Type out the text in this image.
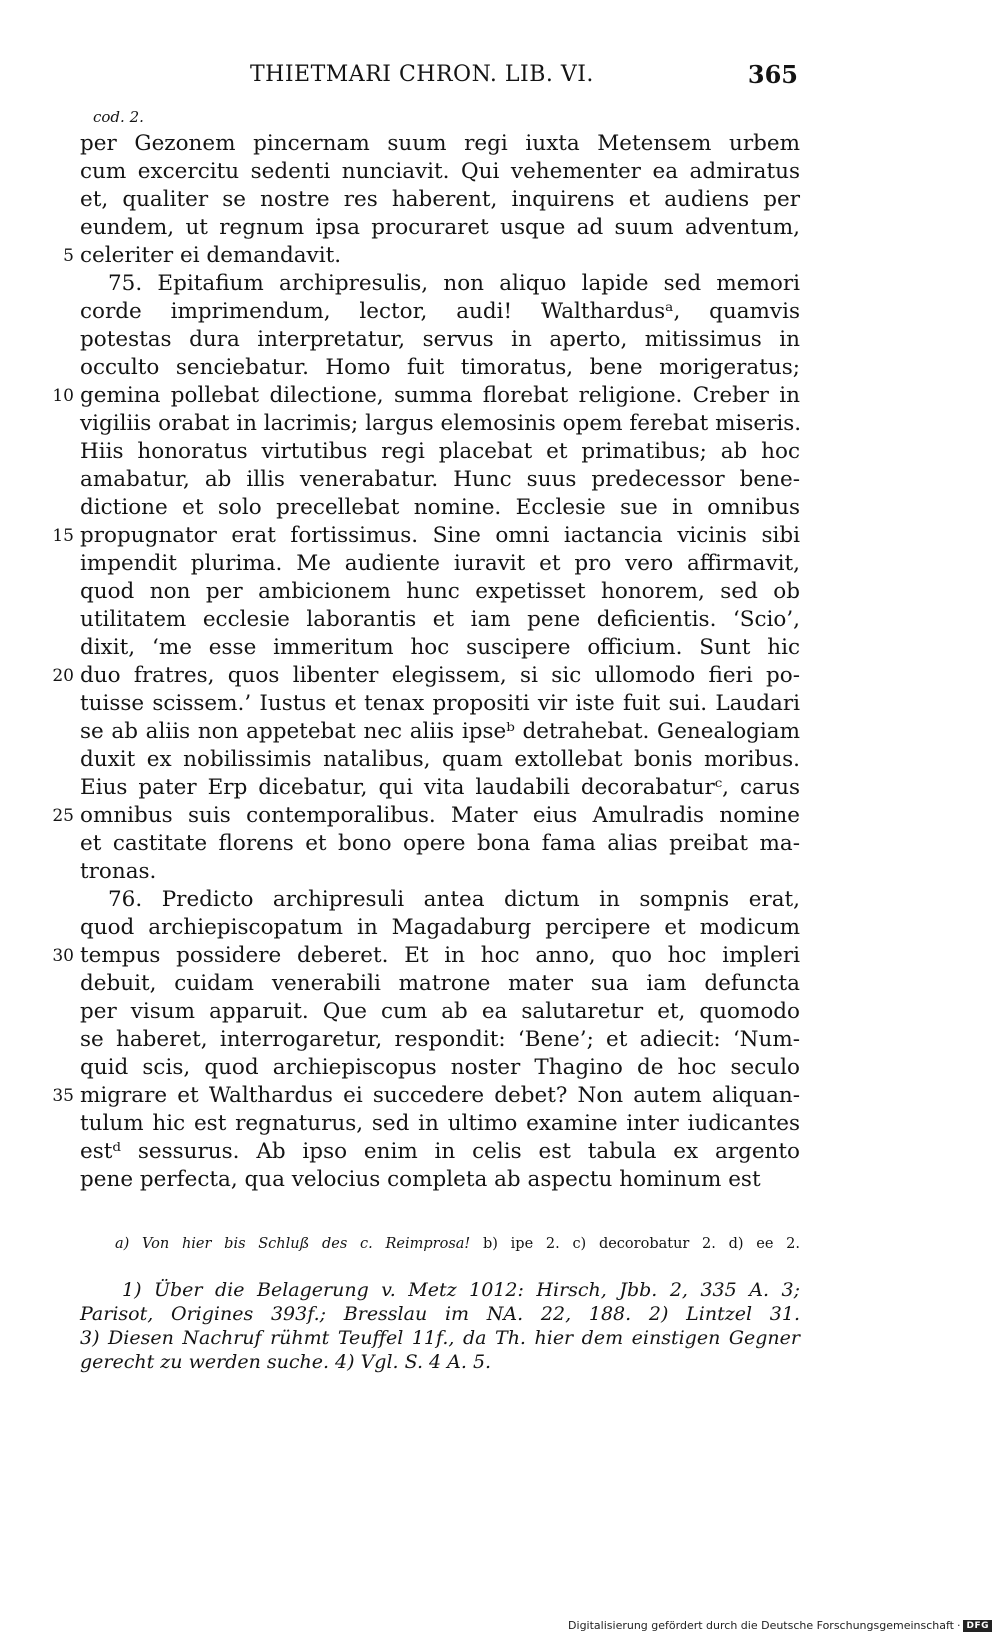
THIETMARI CHRON. LIB. VI.	365
cod. 2.
per Gezonem pincernam suum regi iuxta Metensem urbem
cum excercitu sedenti nunciavit. Qui vehementer ea admiratus
et, qualiter se nostre res haberent, inquirens et audiens per
eundem, ut regnum ipsa procuraret usque ad suum adventum,
5 celeriter ei demandavit.
75. Epitafium archipresulis, non aliquo lapide sed memori
corde imprimendum, lector, audi! Walthardusᵃ, quamvis
potestas dura interpretatur, servus in aperto, mitissimus in
occulto senciebatur. Homo fuit timoratus, bene morigeratus;
10 gemina pollebat dilectione, summa florebat religione. Creber in
vigiliis orabat in lacrimis; largus elemosinis opem ferebat miseris.
Hiis honoratus virtutibus regi placebat et primatibus; ab hoc
amabatur, ab illis venerabatur. Hunc suus predecessor bene-
dictione et solo precellebat nomine. Ecclesie sue in omnibus
15 propugnator erat fortissimus. Sine omni iactancia vicinis sibi
impendit plurima. Me audiente iuravit et pro vero affirmavit,
quod non per ambicionem hunc expetisset honorem, sed ob
utilitatem ecclesie laborantis et iam pene deficientis. ‘Scio’,
dixit, ‘me esse immeritum hoc suscipere officium. Sunt hic
20 duo fratres, quos libenter elegissem, si sic ullomodo fieri po-
tuisse scissem.’ Iustus et tenax propositi vir iste fuit sui. Laudari
se ab aliis non appetebat nec aliis ipseᵇ detrahebat. Genealogiam
duxit ex nobilissimis natalibus, quam extollebat bonis moribus.
Eius pater Erp dicebatur, qui vita laudabili decorabaturᶜ, carus
25 omnibus suis contemporalibus. Mater eius Amulradis nomine
et castitate florens et bono opere bona fama alias preibat ma-
tronas.
76. Predicto archipresuli antea dictum in sompnis erat,
quod archiepiscopatum in Magadaburg percipere et modicum
30 tempus possidere deberet. Et in hoc anno, quo hoc impleri
debuit, cuidam venerabili matrone mater sua iam defuncta
per visum apparuit. Que cum ab ea salutaretur et, quomodo
se haberet, interrogaretur, respondit: ‘Bene’; et adiecit: ‘Num-
quid scis, quod archiepiscopus noster Thagino de hoc seculo
35 migrare et Walthardus ei succedere debet? Non autem aliquan-
tulum hic est regnaturus, sed in ultimo examine inter iudicantes
estᵈ sessurus. Ab ipso enim in celis est tabula ex argento
pene perfecta, qua velocius completa ab aspectu hominum est
a) Von hier bis Schluß des c. Reimprosa! b) ipe 2. c) decorobatur 2. d) ee 2.
1) Über die Belagerung v. Metz 1012: Hirsch, Jbb. 2, 335 A. 3;
Parisot, Origines 393f.; Bresslau im NA. 22, 188. 2) Lintzel 31.
3) Diesen Nachruf rühmt Teuffel 11f., da Th. hier dem einstigen Gegner
gerecht zu werden suche. 4) Vgl. S. 4 A. 5.
Digitalisierung gefördert durch die Deutsche Forschungsgemeinschaft · DFG
